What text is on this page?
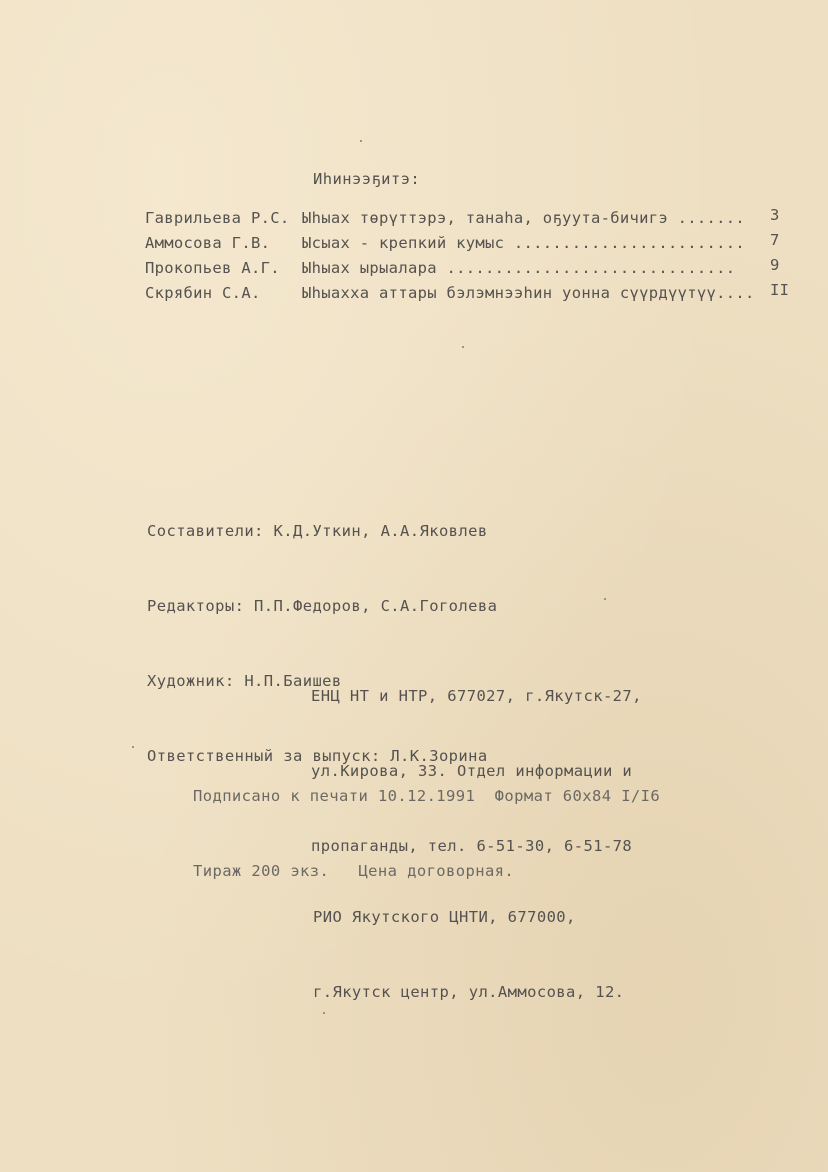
Иһинээҕитэ:

Гаврильева Р.С.

Ыhыах төрүттэрэ, танаhа, оҕуута-бичигэ .......

3

Аммосова Г.В.

Ысыах - крепкий кумыс ........................

7

Прокопьев А.Г.

Ыhыах ырыалара ..............................

9

Скрябин С.А.

	Ыhыахха аттары бэлэмнээhин уонна сүүрдүүтүү....

II

Составители: К.Д.Уткин, А.А.Яковлев

Редакторы: П.П.Федоров, С.А.Гоголева

Художник: Н.П.Баишев

Ответственный за выпуск: Л.К.Зорина

ЕНЦ НТ и НТР, 677027, г.Якутск-27,

ул.Кирова, 33. Отдел информации и

пропаганды, тел. 6-51-30, 6-51-78

Подписано к печати 10.12.1991  Формат 60х84 I/I6

Тираж 200 экз.   Цена договорная.

РИО Якутского ЦНТИ, 677000,

г.Якутск центр, ул.Аммосова, 12.
